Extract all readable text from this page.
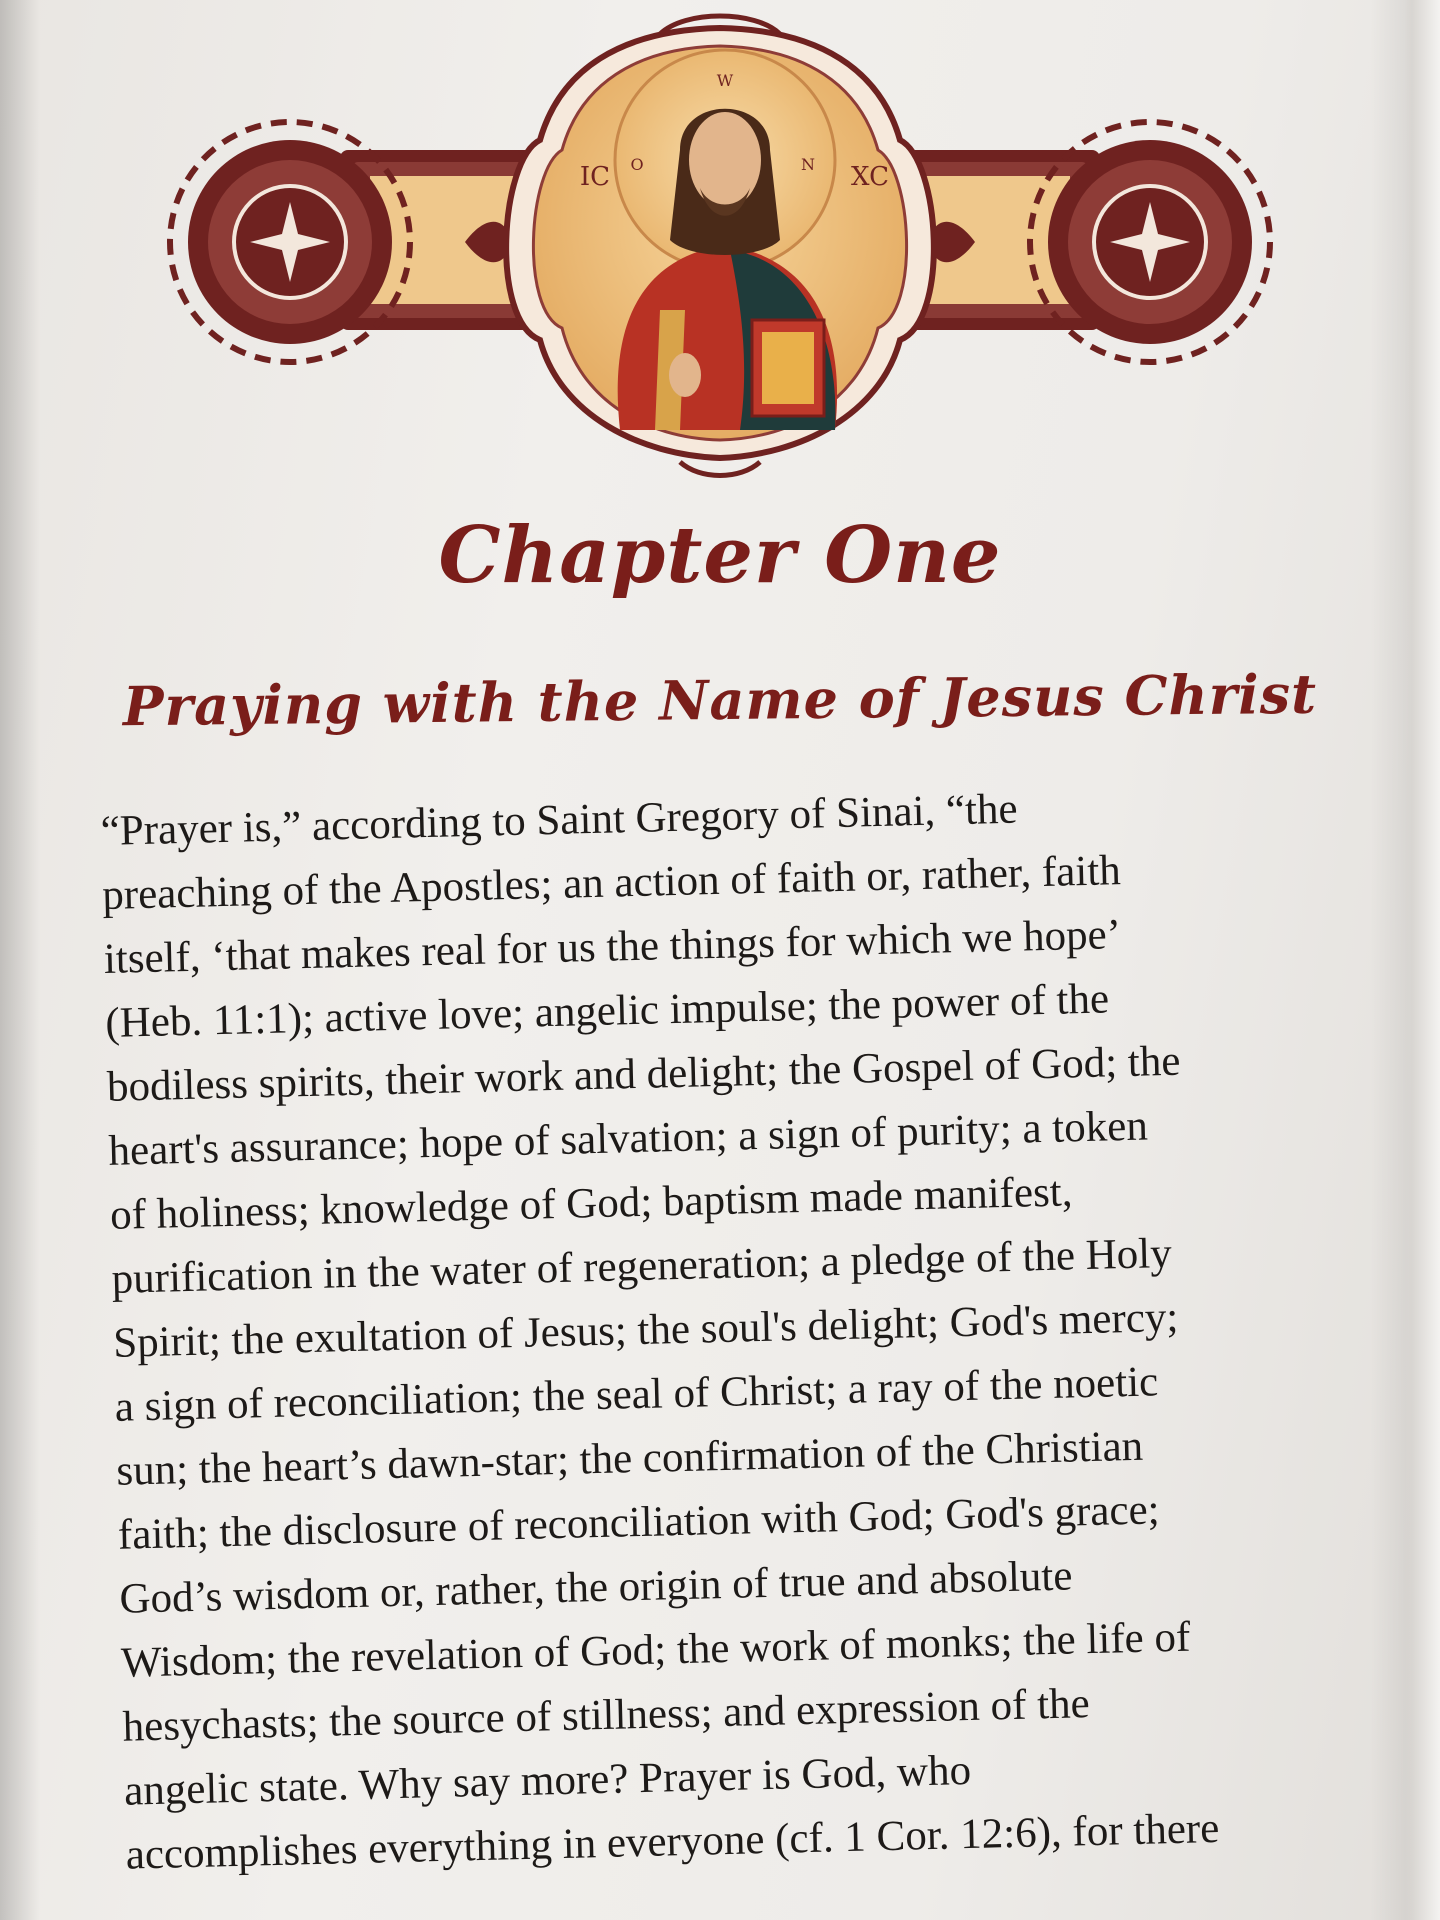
IC	XC
O	N
W
Chapter One
Praying with the Name of Jesus Christ
“Prayer is,” according to Saint Gregory of Sinai, “the
preaching of the Apostles; an action of faith or, rather, faith
itself, ‘that makes real for us the things for which we hope’
(Heb. 11:1); active love; angelic impulse; the power of the
bodiless spirits, their work and delight; the Gospel of God; the
heart's assurance; hope of salvation; a sign of purity; a token
of holiness; knowledge of God; baptism made manifest,
purification in the water of regeneration; a pledge of the Holy
Spirit; the exultation of Jesus; the soul's delight; God's mercy;
a sign of reconciliation; the seal of Christ; a ray of the noetic
sun; the heart’s dawn-star; the confirmation of the Christian
faith; the disclosure of reconciliation with God; God's grace;
God’s wisdom or, rather, the origin of true and absolute
Wisdom; the revelation of God; the work of monks; the life of
hesychasts; the source of stillness; and expression of the
angelic state. Why say more? Prayer is God, who
accomplishes everything in everyone (cf. 1 Cor. 12:6), for there
